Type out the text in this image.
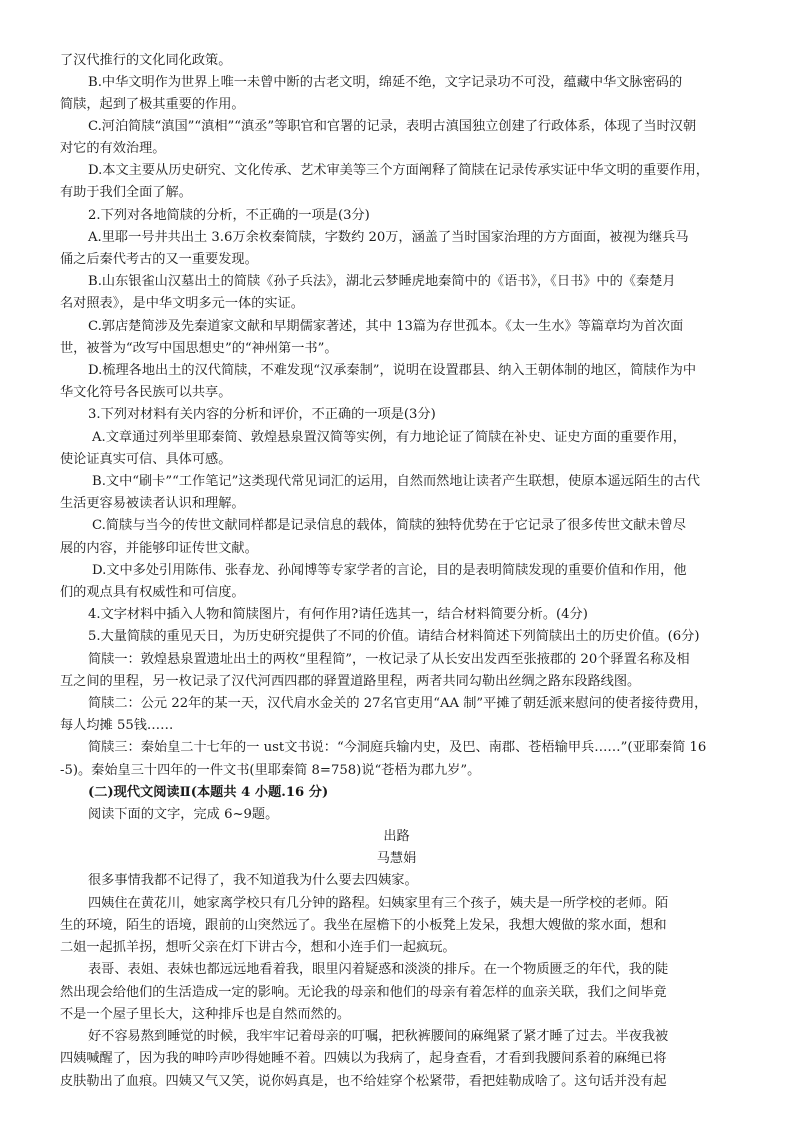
了汉代推行的文化同化政策。
B.中华文明作为世界上唯一未曾中断的古老文明，绵延不绝，文字记录功不可没，蕴藏中华文脉密码的
简牍，起到了极其重要的作用。
C.河泊简牍“滇国”“滇相”“滇丞”等职官和官署的记录，表明古滇国独立创建了行政体系，体现了当时汉朝
对它的有效治理。
D.本文主要从历史研究、文化传承、艺术审美等三个方面阐释了简牍在记录传承实证中华文明的重要作用，
有助于我们全面了解。
2.下列对各地简牍的分析，不正确的一项是(3分)
A.里耶一号井共出土 3.6万余枚秦简牍，字数约 20万，涵盖了当时国家治理的方方面面，被视为继兵马
俑之后秦代考古的又一重要发现。
B.山东银雀山汉墓出土的简牍《孙子兵法》，湖北云梦睡虎地秦简中的《语书》，《日书》中的《秦楚月
名对照表》，是中华文明多元一体的实证。
C.郭店楚简涉及先秦道家文献和早期儒家著述，其中 13篇为存世孤本。《太一生水》等篇章均为首次面
世，被誉为“改写中国思想史”的“神州第一书”。
D.梳理各地出土的汉代简牍，不难发现“汉承秦制”，说明在设置郡县、纳入王朝体制的地区，简牍作为中
华文化符号各民族可以共享。
3.下列对材料有关内容的分析和评价，不正确的一项是(3分)
A.文章通过列举里耶秦简、敦煌悬泉置汉简等实例，有力地论证了简牍在补史、证史方面的重要作用，
使论证真实可信、具体可感。
B.文中“刷卡”“工作笔记”这类现代常见词汇的运用，自然而然地让读者产生联想，使原本遥远陌生的古代
生活更容易被读者认识和理解。
C.简牍与当今的传世文献同样都是记录信息的载体，简牍的独特优势在于它记录了很多传世文献未曾尽
展的内容，并能够印证传世文献。
D.文中多处引用陈伟、张春龙、孙闻博等专家学者的言论，目的是表明简牍发现的重要价值和作用，他
们的观点具有权威性和可信度。
4.文字材料中插入人物和简牍图片，有何作用?请任选其一，结合材料简要分析。(4分)
5.大量简牍的重见天日，为历史研究提供了不同的价值。请结合材料简述下列简牍出土的历史价值。(6分)
简牍一：敦煌悬泉置遗址出土的两枚“里程简”，一枚记录了从长安出发西至张掖郡的 20个驿置名称及相
互之间的里程，另一枚记录了汉代河西四郡的驿置道路里程，两者共同勾勒出丝绸之路东段路线图。
简牍二：公元 22年的某一天，汉代肩水金关的 27名官吏用“AA 制”平摊了朝廷派来慰问的使者接待费用，
每人均摊 55钱……
简牍三：秦始皇二十七年的一 ust文书说：“今洞庭兵输内史，及巴、南郡、苍梧输甲兵……”(亚耶秦简 16
-5)。秦始皇三十四年的一件文书(里耶秦简 8=758)说“苍梧为郡九岁”。
(二)现代文阅读Ⅱ(本题共 4 小题.16 分)
阅读下面的文字，完成 6~9题。
出路
马慧娟
很多事情我都不记得了，我不知道我为什么要去四姨家。
四姨住在黄花川，她家离学校只有几分钟的路程。妇姨家里有三个孩子，姨夫是一所学校的老师。陌
生的环境，陌生的语境，跟前的山突然远了。我坐在屋檐下的小板凳上发呆，我想大嫂做的浆水面，想和
二姐一起抓羊拐，想听父亲在灯下讲古今，想和小连手们一起疯玩。
表哥、表姐、表妹也都远远地看着我，眼里闪着疑惑和淡淡的排斥。在一个物质匮乏的年代，我的陡
然出现会给他们的生活造成一定的影响。无论我的母亲和他们的母亲有着怎样的血亲关联，我们之间毕竟
不是一个屋子里长大，这种排斥也是自然而然的。
好不容易熬到睡觉的时候，我牢牢记着母亲的叮嘱，把秋裤腰间的麻绳紧了紧才睡了过去。半夜我被
四姨喊醒了，因为我的呻吟声吵得她睡不着。四姨以为我病了，起身查看，才看到我腰间系着的麻绳已将
皮肤勒出了血痕。四姨又气又笑，说你妈真是，也不给娃穿个松紧带，看把娃勒成啥了。这句话并没有起
